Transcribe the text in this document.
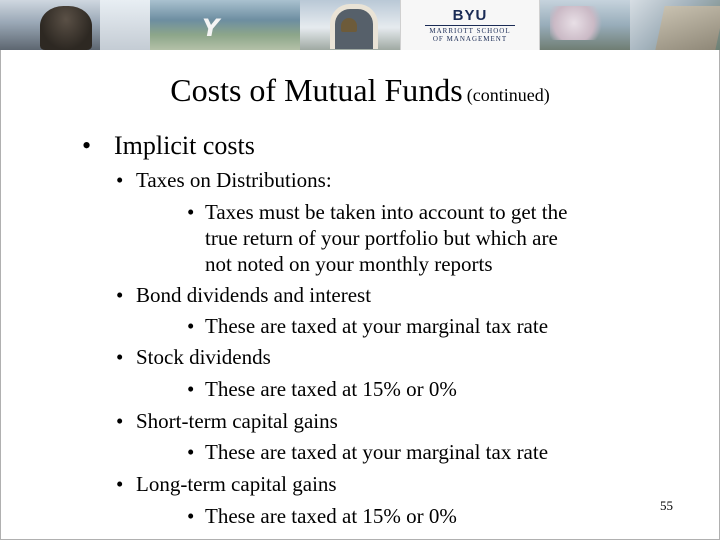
Y	BYU
MARRIOTT SCHOOL
OF MANAGEMENT
Costs of Mutual Funds (continued)
• Implicit costs
• Taxes on Distributions:
• Taxes must be taken into account to get the
true return of your portfolio but which are
not noted on your monthly reports
• Bond dividends and interest
• These are taxed at your marginal tax rate
• Stock dividends
• These are taxed at 15% or 0%
• Short-term capital gains
• These are taxed at your marginal tax rate
• Long-term capital gains
• These are taxed at 15% or 0%	55
